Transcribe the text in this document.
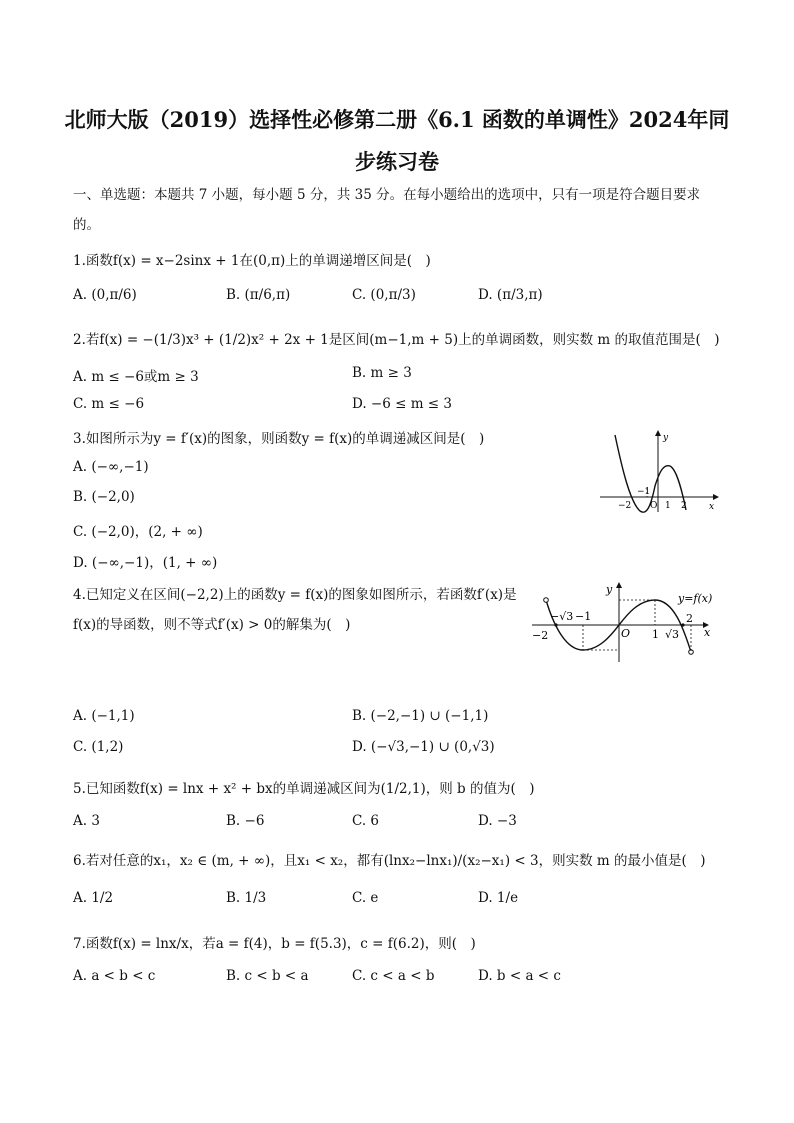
北师大版（2019）选择性必修第二册《6.1 函数的单调性》2024年同
步练习卷
一、单选题：本题共 7 小题，每小题 5 分，共 35 分。在每小题给出的选项中，只有一项是符合题目要求的。
1.函数f(x) = x−2sinx + 1在(0,π)上的单调递增区间是(　)
A. (0,π/6)	B. (π/6,π)	C. (0,π/3)	D. (π/3,π)
2.若f(x) = −(1/3)x³ + (1/2)x² + 2x + 1是区间(m−1,m + 5)上的单调函数，则实数 m 的取值范围是(　)
A. m ≤ −6或m ≥ 3	B. m ≥ 3
C. m ≤ −6	D. −6 ≤ m ≤ 3
3.如图所示为y = f′(x)的图象，则函数y = f(x)的单调递减区间是(　)
A. (−∞,−1)
B. (−2,0)
C. (−2,0)，(2, + ∞)
D. (−∞,−1)，(1, + ∞)
y
x
O
−2
−1
1 2
4.已知定义在区间(−2,2)上的函数y = f(x)的图象如图所示，若函数f′(x)是
f(x)的导函数，则不等式f′(x) > 0的解集为(　)
A. (−1,1)	B. (−2,−1) ∪ (−1,1)
C. (1,2)	D. (−√3,−1) ∪ (0,√3)
y
y=f(x)
x
O
−2
−√3 −1
1 √3
2
5.已知函数f(x) = lnx + x² + bx的单调递减区间为(1/2,1)，则 b 的值为(　)
A. 3	B. −6	C. 6	D. −3
6.若对任意的x₁，x₂ ∈ (m, + ∞)，且x₁ < x₂，都有(lnx₂−lnx₁)/(x₂−x₁) < 3，则实数 m 的最小值是(　)
A. 1/2	B. 1/3	C. e	D. 1/e
7.函数f(x) = lnx/x，若a = f(4)，b = f(5.3)，c = f(6.2)，则(　)
A. a < b < c	B. c < b < a	C. c < a < b	D. b < a < c
